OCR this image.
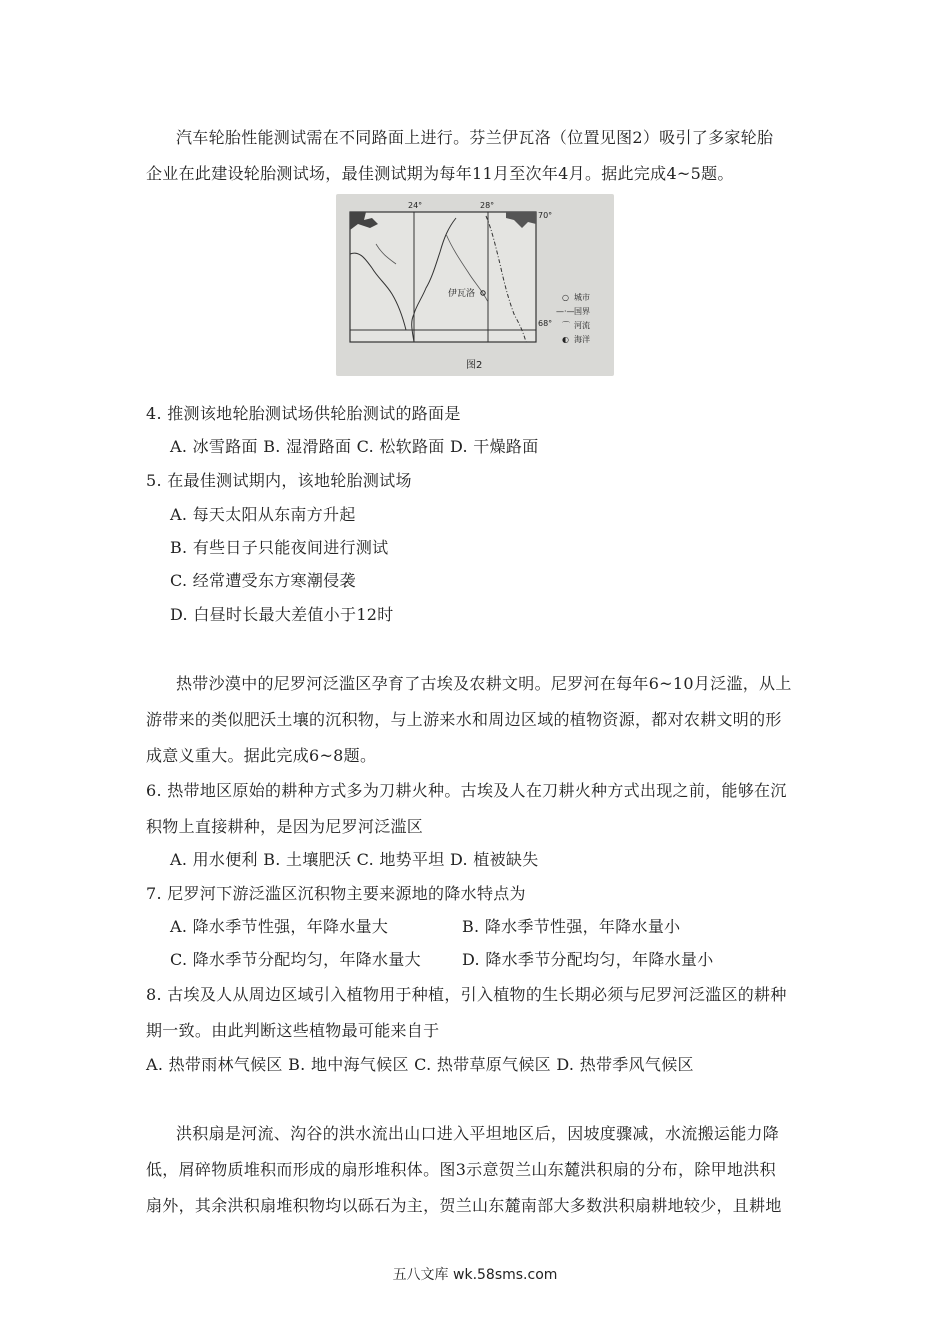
汽车轮胎性能测试需在不同路面上进行。芬兰伊瓦洛（位置见图2）吸引了多家轮胎
企业在此建设轮胎测试场，最佳测试期为每年11月至次年4月。据此完成4~5题。
24°	28°
70°
68°
伊瓦洛	○ 城市
—·— 国界
⌒ 河流
◐ 海洋
图2
4. 推测该地轮胎测试场供轮胎测试的路面是
A. 冰雪路面 B. 湿滑路面 C. 松软路面 D. 干燥路面
5. 在最佳测试期内，该地轮胎测试场
A. 每天太阳从东南方升起
B. 有些日子只能夜间进行测试
C. 经常遭受东方寒潮侵袭
D. 白昼时长最大差值小于12时
热带沙漠中的尼罗河泛滥区孕育了古埃及农耕文明。尼罗河在每年6~10月泛滥，从上
游带来的类似肥沃土壤的沉积物，与上游来水和周边区域的植物资源，都对农耕文明的形
成意义重大。据此完成6~8题。
6. 热带地区原始的耕种方式多为刀耕火种。古埃及人在刀耕火种方式出现之前，能够在沉
积物上直接耕种，是因为尼罗河泛滥区
A. 用水便利 B. 土壤肥沃 C. 地势平坦 D. 植被缺失
7. 尼罗河下游泛滥区沉积物主要来源地的降水特点为
A. 降水季节性强，年降水量大	B. 降水季节性强，年降水量小
C. 降水季节分配均匀，年降水量大	D. 降水季节分配均匀，年降水量小
8. 古埃及人从周边区域引入植物用于种植，引入植物的生长期必须与尼罗河泛滥区的耕种
期一致。由此判断这些植物最可能来自于
A. 热带雨林气候区 B. 地中海气候区 C. 热带草原气候区 D. 热带季风气候区
洪积扇是河流、沟谷的洪水流出山口进入平坦地区后，因坡度骤减，水流搬运能力降
低，屑碎物质堆积而形成的扇形堆积体。图3示意贺兰山东麓洪积扇的分布，除甲地洪积
扇外，其余洪积扇堆积物均以砾石为主，贺兰山东麓南部大多数洪积扇耕地较少，且耕地
五八文库 wk.58sms.com
